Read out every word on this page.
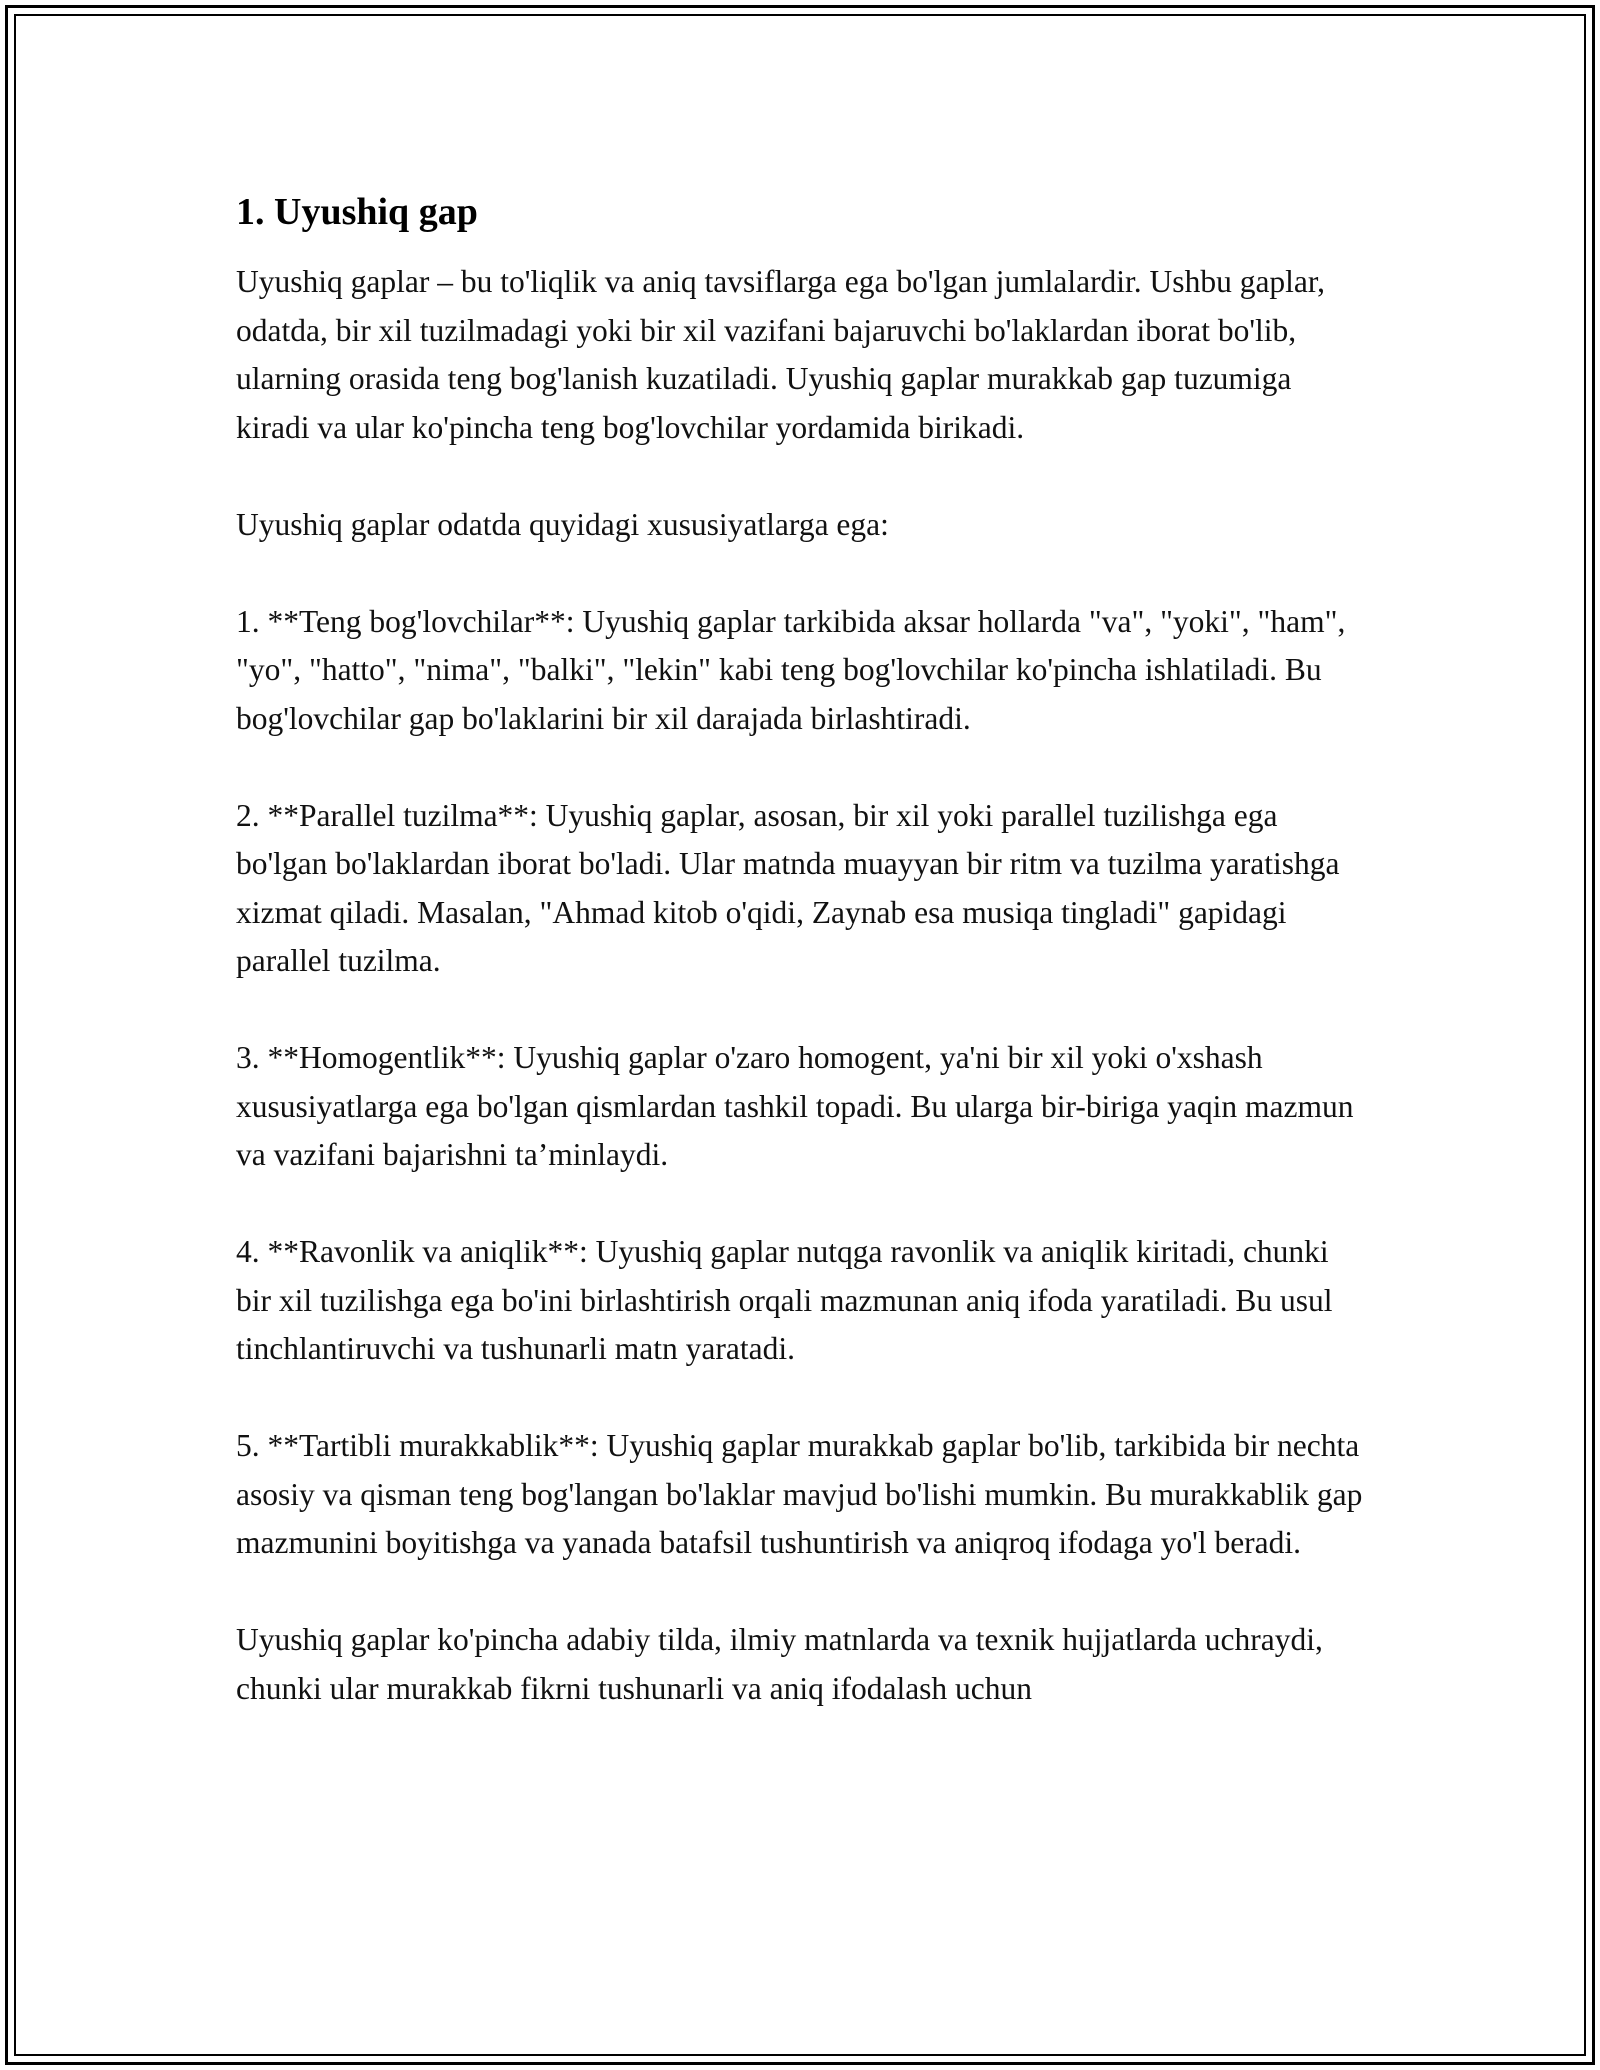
1. Uyushiq gap

Uyushiq gaplar – bu to'liqlik va aniq tavsiflarga ega bo'lgan jumlalardir. Ushbu gaplar, odatda, bir xil tuzilmadagi yoki bir xil vazifani bajaruvchi bo'laklardan iborat bo'lib, ularning orasida teng bog'lanish kuzatiladi. Uyushiq gaplar murakkab gap tuzumiga kiradi va ular ko'pincha teng bog'lovchilar yordamida birikadi.

Uyushiq gaplar odatda quyidagi xususiyatlarga ega:

1. **Teng bog'lovchilar**: Uyushiq gaplar tarkibida aksar hollarda "va", "yoki", "ham", "yo", "hatto", "nima", "balki", "lekin" kabi teng bog'lovchilar ko'pincha ishlatiladi. Bu bog'lovchilar gap bo'laklarini bir xil darajada birlashtiradi.

2. **Parallel tuzilma**: Uyushiq gaplar, asosan, bir xil yoki parallel tuzilishga ega bo'lgan bo'laklardan iborat bo'ladi. Ular matnda muayyan bir ritm va tuzilma yaratishga xizmat qiladi. Masalan, "Ahmad kitob o'qidi, Zaynab esa musiqa tingladi" gapidagi parallel tuzilma.

3. **Homogentlik**: Uyushiq gaplar o'zaro homogent, ya'ni bir xil yoki o'xshash xususiyatlarga ega bo'lgan qismlardan tashkil topadi. Bu ularga bir-biriga yaqin mazmun va vazifani bajarishni ta’minlaydi.

4. **Ravonlik va aniqlik**: Uyushiq gaplar nutqga ravonlik va aniqlik kiritadi, chunki bir xil tuzilishga ega bo'ini birlashtirish orqali mazmunan aniq ifoda yaratiladi. Bu usul tinchlantiruvchi va tushunarli matn yaratadi.

5. **Tartibli murakkablik**: Uyushiq gaplar murakkab gaplar bo'lib, tarkibida bir nechta asosiy va qisman teng bog'langan bo'laklar mavjud bo'lishi mumkin. Bu murakkablik gap mazmunini boyitishga va yanada batafsil tushuntirish va aniqroq ifodaga yo'l beradi.

Uyushiq gaplar ko'pincha adabiy tilda, ilmiy matnlarda va texnik hujjatlarda uchraydi, chunki ular murakkab fikrni tushunarli va aniq ifodalash uchun
